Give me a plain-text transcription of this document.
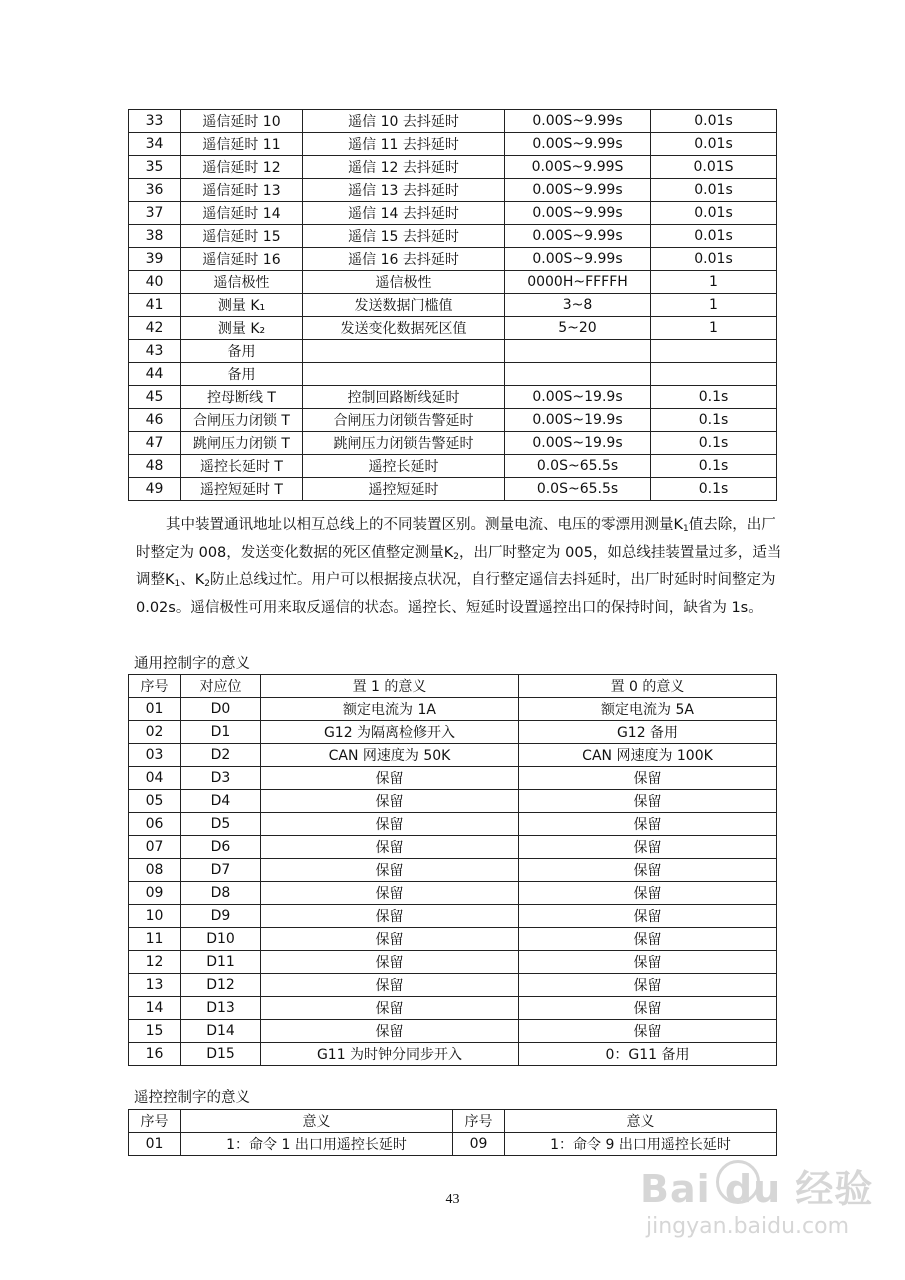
33	遥信延时 10	遥信 10 去抖延时	0.00S~9.99s	0.01s
34	遥信延时 11	遥信 11 去抖延时	0.00S~9.99s	0.01s
35	遥信延时 12	遥信 12 去抖延时	0.00S~9.99S	0.01S
36	遥信延时 13	遥信 13 去抖延时	0.00S~9.99s	0.01s
37	遥信延时 14	遥信 14 去抖延时	0.00S~9.99s	0.01s
38	遥信延时 15	遥信 15 去抖延时	0.00S~9.99s	0.01s
39	遥信延时 16	遥信 16 去抖延时	0.00S~9.99s	0.01s
40	遥信极性	遥信极性	0000H~FFFFH	1
41	测量 K₁	发送数据门槛值	3~8	1
42	测量 K₂	发送变化数据死区值	5~20	1
43	备用			
44	备用			
45	控母断线 T	控制回路断线延时	0.00S~19.9s	0.1s
46	合闸压力闭锁 T	合闸压力闭锁告警延时	0.00S~19.9s	0.1s
47	跳闸压力闭锁 T	跳闸压力闭锁告警延时	0.00S~19.9s	0.1s
48	遥控长延时 T	遥控长延时	0.0S~65.5s	0.1s
49	遥控短延时 T	遥控短延时	0.0S~65.5s	0.1s

其中装置通讯地址以相互总线上的不同装置区别。测量电流、电压的零漂用测量$K_1$值去除，出厂时整定为 008，发送变化数据的死区值整定测量$K_2$，出厂时整定为 005，如总线挂装置量过多，适当调整$K_1$、$K_2$防止总线过忙。用户可以根据接点状况，自行整定遥信去抖延时，出厂时延时时间整定为 0.02s。遥信极性可用来取反遥信的状态。遥控长、短延时设置遥控出口的保持时间，缺省为 1s。

通用控制字的意义

序号	对应位	置 1 的意义	置 0 的意义
01	D0	额定电流为 1A	额定电流为 5A
02	D1	G12 为隔离检修开入	G12 备用
03	D2	CAN 网速度为 50K	CAN 网速度为 100K
04	D3	保留	保留
05	D4	保留	保留
06	D5	保留	保留
07	D6	保留	保留
08	D7	保留	保留
09	D8	保留	保留
10	D9	保留	保留
11	D10	保留	保留
12	D11	保留	保留
13	D12	保留	保留
14	D13	保留	保留
15	D14	保留	保留
16	D15	G11 为时钟分同步开入	0：G11 备用

遥控控制字的意义

序号	意义	序号	意义
01	1：命令 1 出口用遥控长延时	09	1：命令 9 出口用遥控长延时
43	Bai du 经验
jingyan.baidu.com
